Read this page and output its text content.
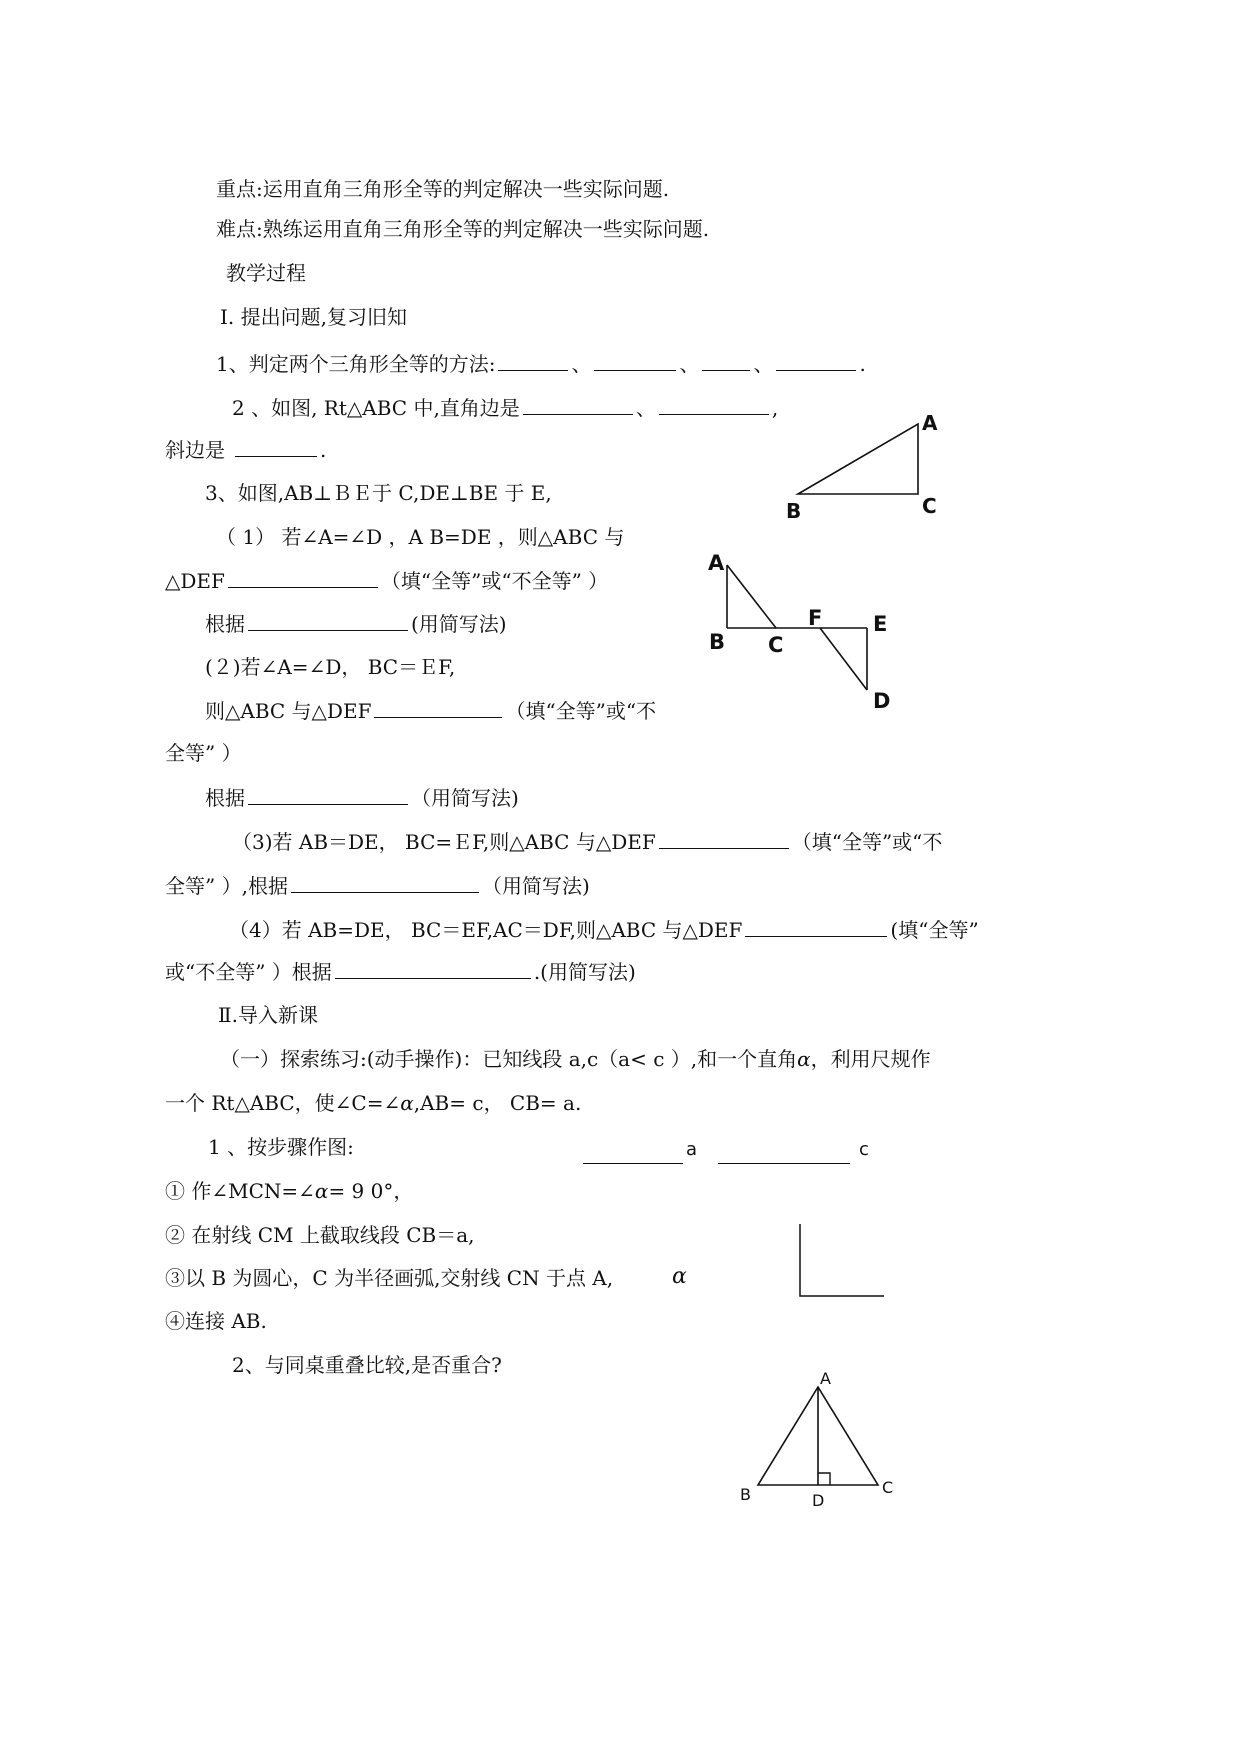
重点:运用直角三角形全等的判定解决一些实际问题.
难点:熟练运用直角三角形全等的判定解决一些实际问题.
教学过程
Ⅰ. 提出问题,复习旧知
1、判定两个三角形全等的方法:	、	、	、	.
2 、如图, Rt△ABC 中,直角边是	、	,
斜边是	.
3、如图,AB⊥ＢＥ于 C,DE⊥BE 于 E,
（ 1） 若∠A=∠D ，A B=DE ，则△ABC 与
△DEF	（填“全等”或“不全等” ）
根据	(用简写法)
(２)若∠A=∠D， BC＝ＥF,
则△ABC 与△DEF	（填“全等”或“不
全等” ）
根据	（用简写法)
（3)若 AB＝DE， BC=ＥF,则△ABC 与△DEF	（填“全等”或“不
全等” ）,根据	（用简写法)
（4）若 AB=DE， BC＝EF,AC＝DF,则△ABC 与△DEF	(填“全等”
或“不全等” ）根据	.(用简写法)
Ⅱ.导入新课
（一）探索练习:(动手操作)：已知线段 a,c（a< c ）,和一个直角α，利用尺规作
一个 Rt△ABC，使∠C=∠α,AB= c， CB= a.
1 、按步骤作图:	a	c
① 作∠MCN=∠α= 9 0°，
② 在射线 CM 上截取线段 CB＝a,
③以 B 为圆心，C 为半径画弧,交射线 CN 于点 A,	α
④连接 AB.
2、与同桌重叠比较,是否重合?
A
B	C
A
B C
F E
D
A
B	C
D
